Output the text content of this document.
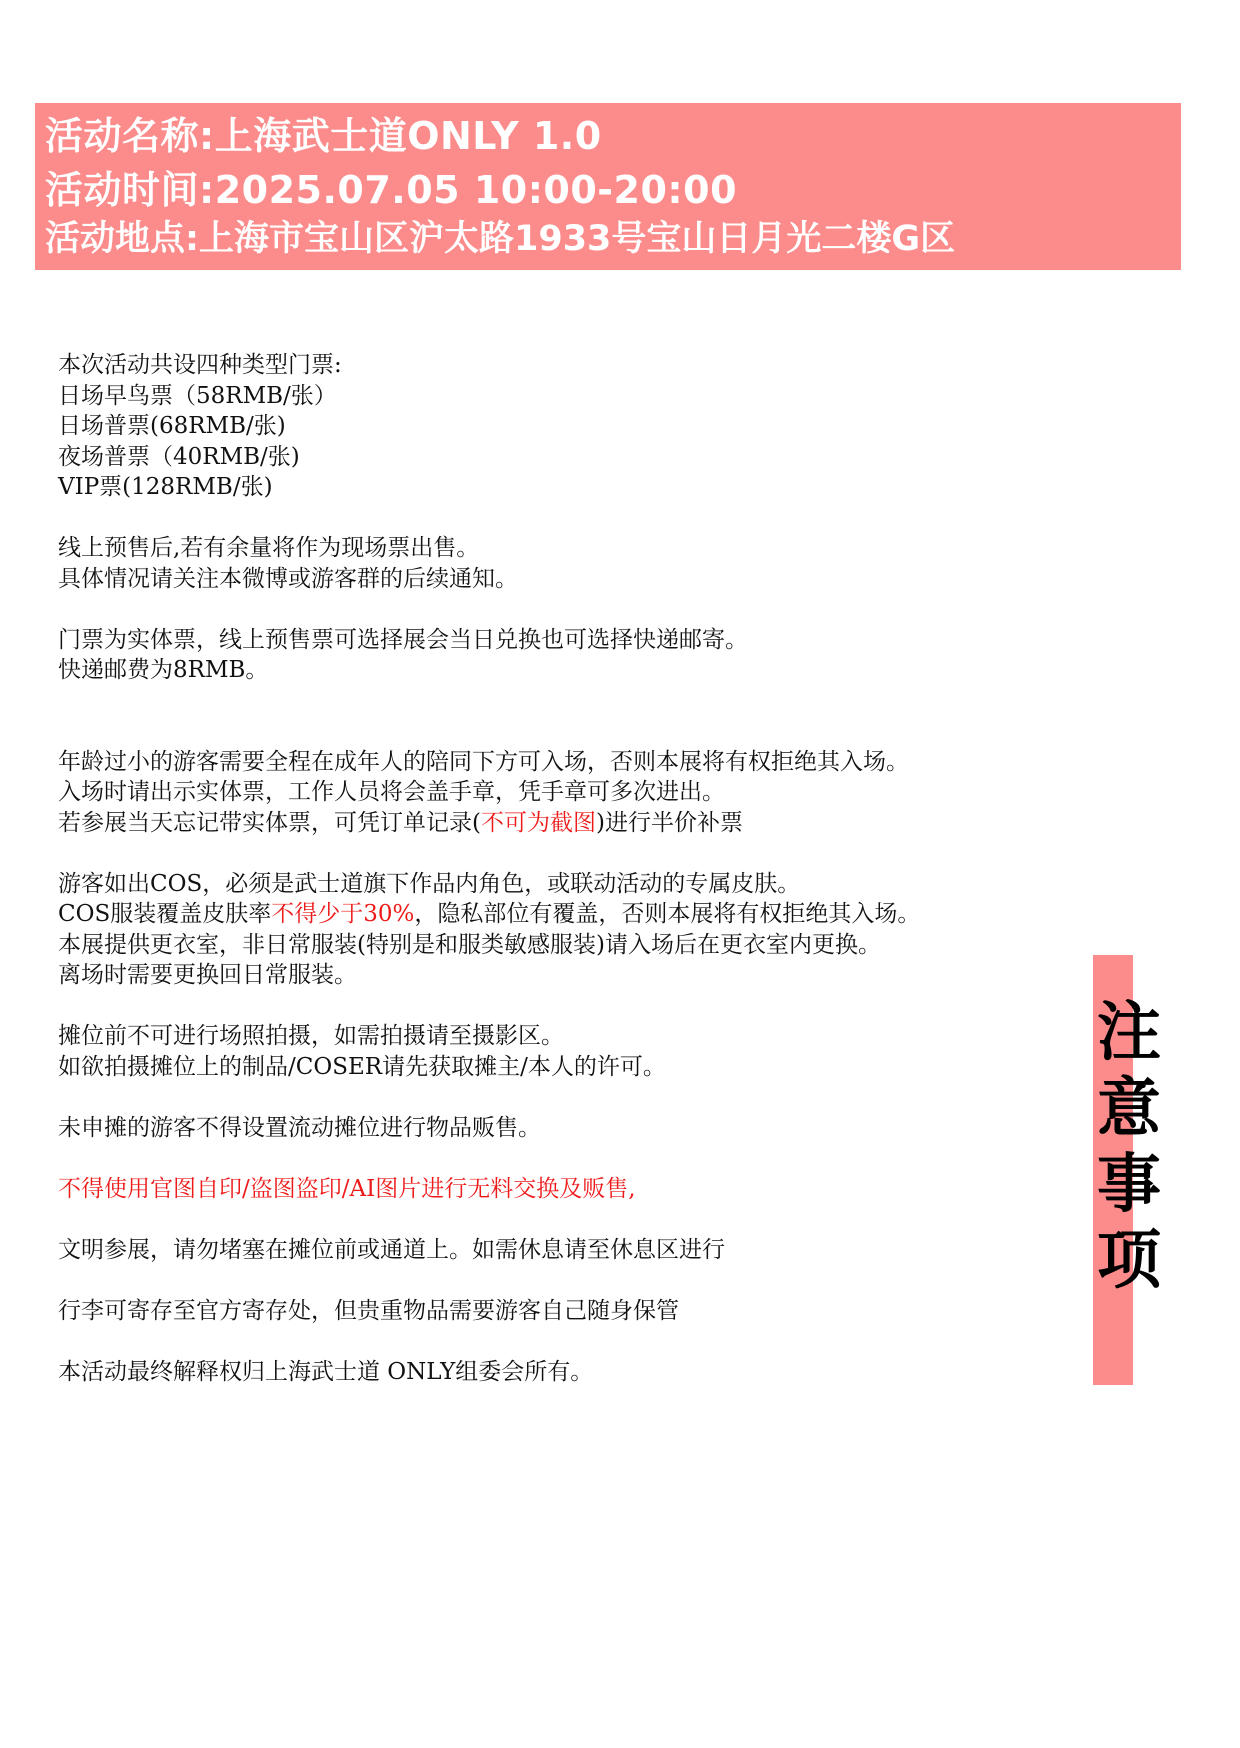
活动名称:上海武士道ONLY 1.0
活动时间:2025.07.05 10:00-20:00
活动地点:上海市宝山区沪太路1933号宝山日月光二楼G区
本次活动共设四种类型门票:
日场早鸟票（58RMB/张）
日场普票(68RMB/张)
夜场普票（40RMB/张)
VIP票(128RMB/张)
线上预售后,若有余量将作为现场票出售。
具体情况请关注本微博或游客群的后续通知。
门票为实体票，线上预售票可选择展会当日兑换也可选择快递邮寄。
快递邮费为8RMB。
年龄过小的游客需要全程在成年人的陪同下方可入场，否则本展将有权拒绝其入场。
入场时请出示实体票，工作人员将会盖手章，凭手章可多次进出。
若参展当天忘记带实体票，可凭订单记录(不可为截图)进行半价补票
游客如出COS，必须是武士道旗下作品内角色，或联动活动的专属皮肤。
COS服装覆盖皮肤率不得少于30%，隐私部位有覆盖，否则本展将有权拒绝其入场。
本展提供更衣室，非日常服装(特别是和服类敏感服装)请入场后在更衣室内更换。
离场时需要更换回日常服装。
摊位前不可进行场照拍摄，如需拍摄请至摄影区。
如欲拍摄摊位上的制品/COSER请先获取摊主/本人的许可。
未申摊的游客不得设置流动摊位进行物品贩售。
不得使用官图自印/盗图盗印/AI图片进行无料交换及贩售,
文明参展，请勿堵塞在摊位前或通道上。如需休息请至休息区进行
行李可寄存至官方寄存处，但贵重物品需要游客自己随身保管
本活动最终解释权归上海武士道 ONLY组委会所有。
注
意
事
项
